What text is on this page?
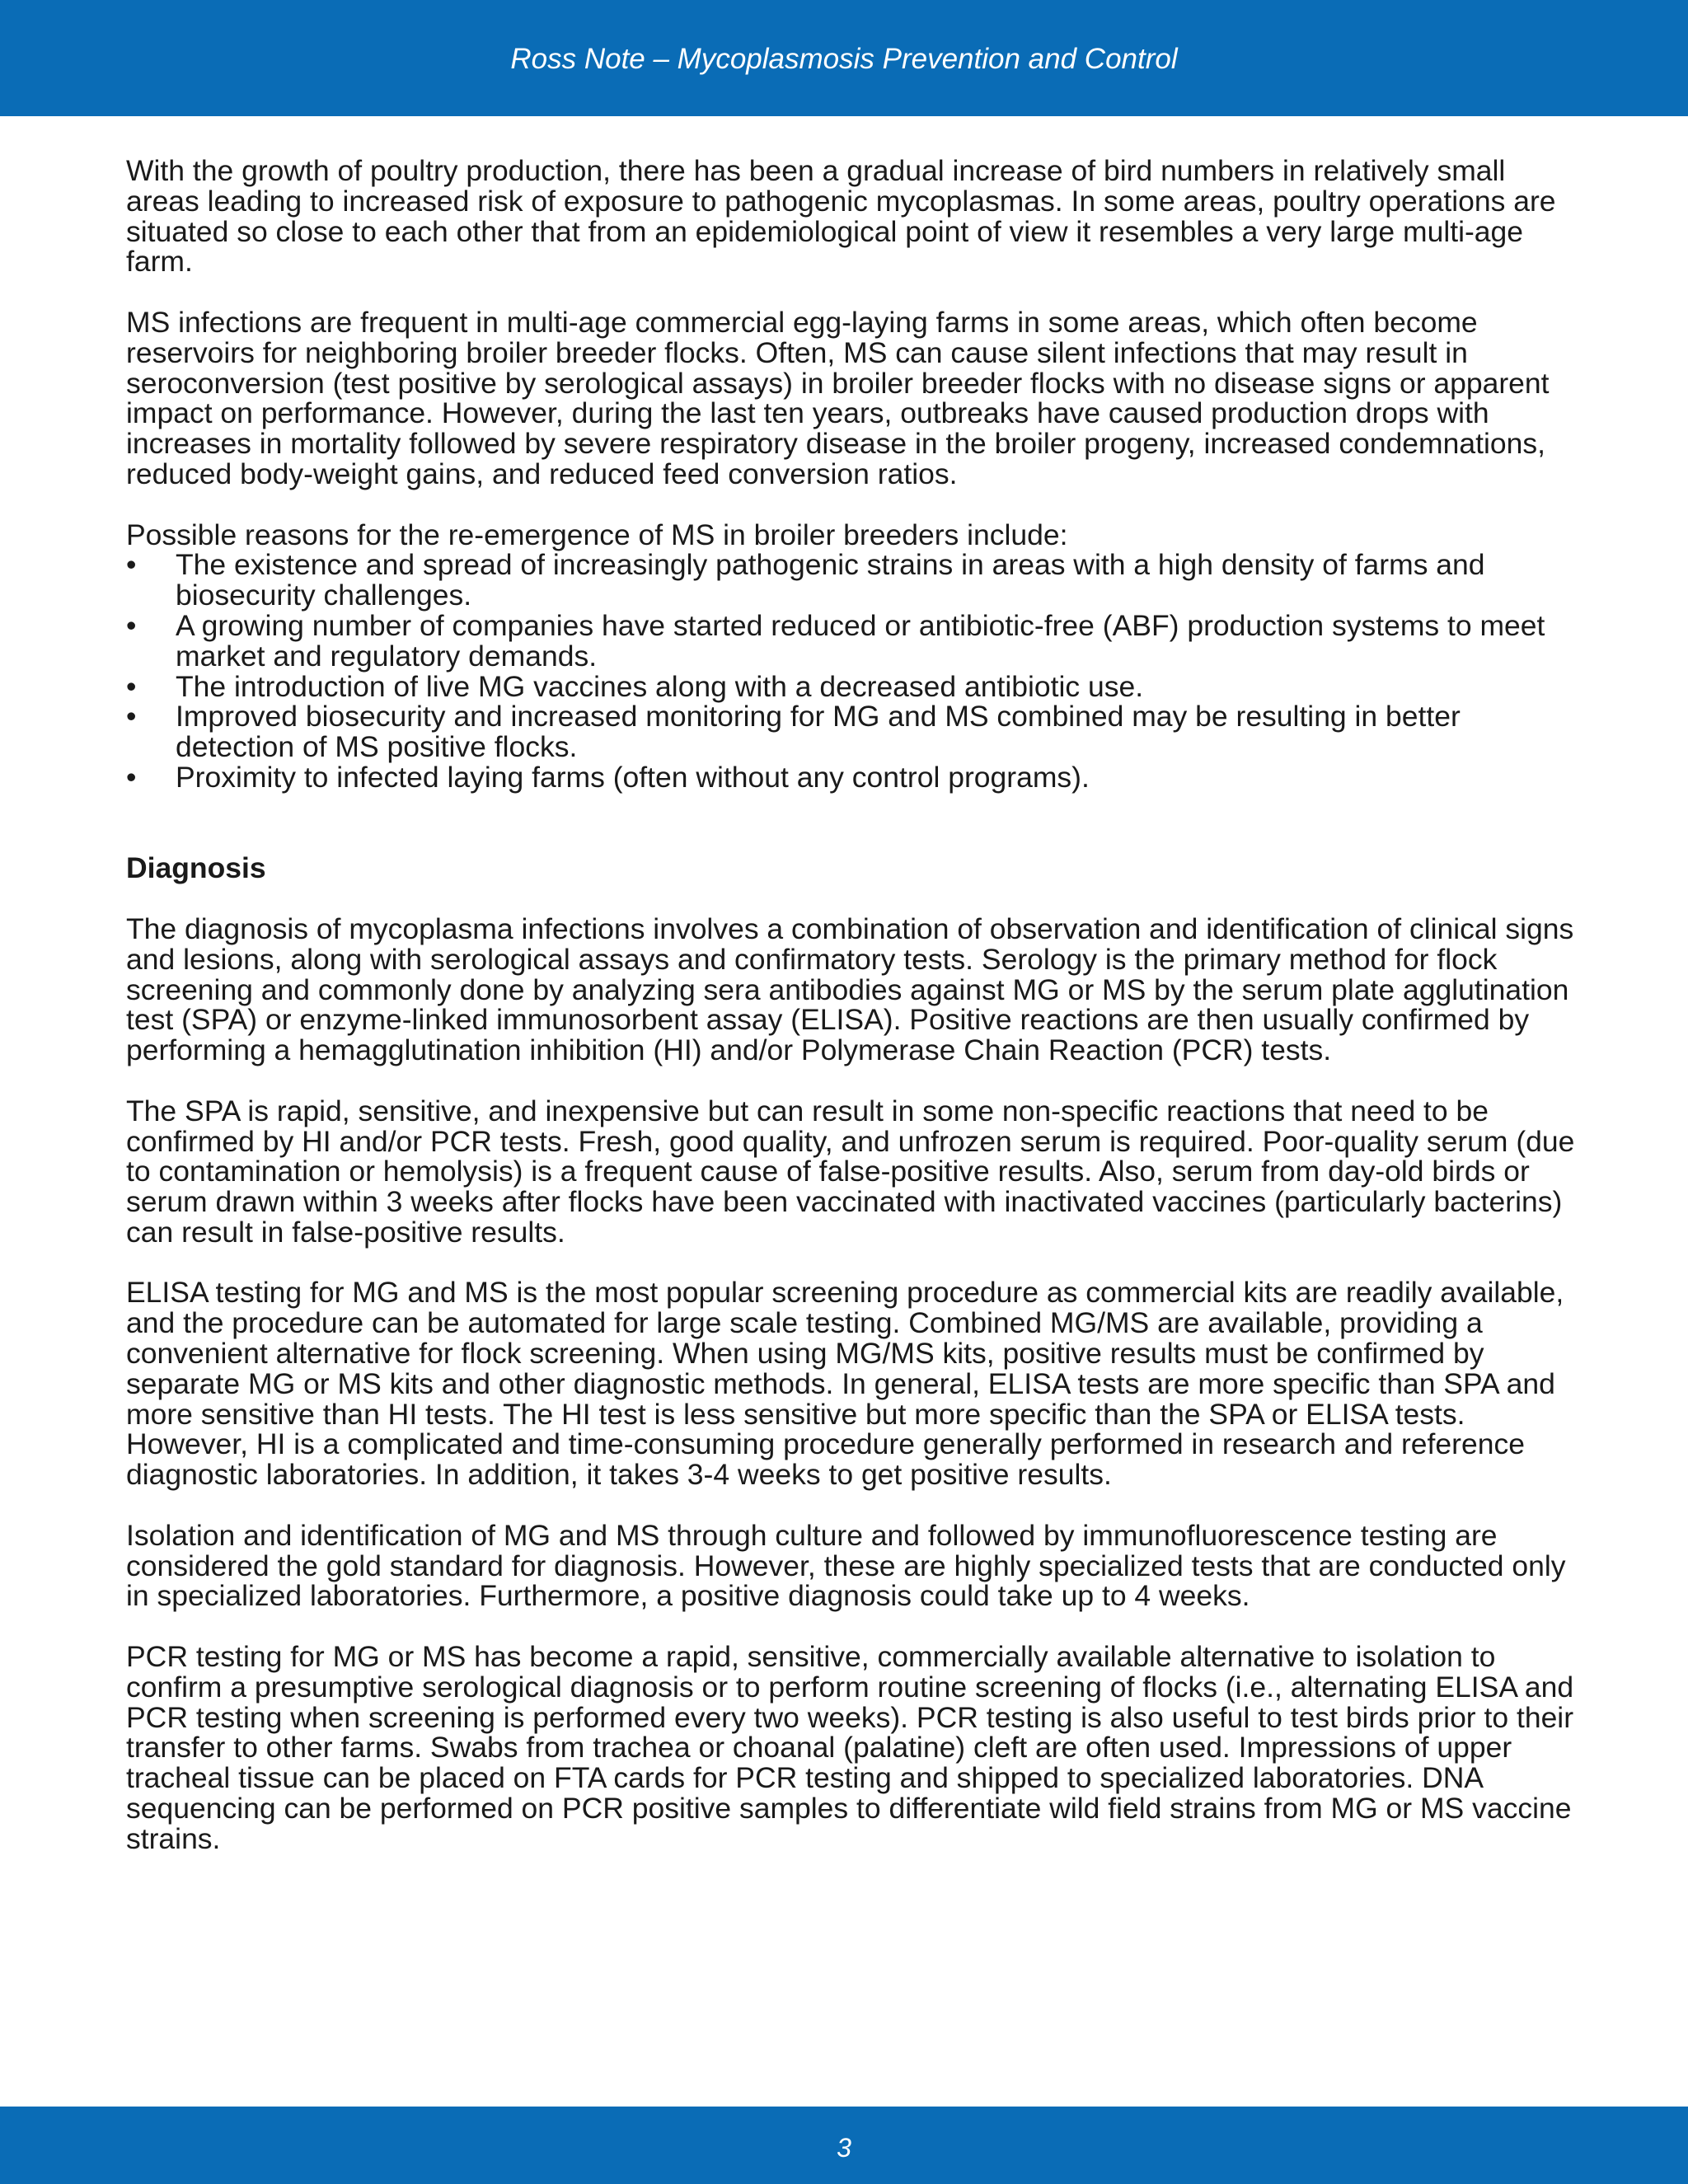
Ross Note – Mycoplasmosis Prevention and Control

With the growth of poultry production, there has been a gradual increase of bird numbers in relatively small areas leading to increased risk of exposure to pathogenic mycoplasmas. In some areas, poultry operations are situated so close to each other that from an epidemiological point of view it resembles a very large multi-age farm.

MS infections are frequent in multi-age commercial egg-laying farms in some areas, which often become reservoirs for neighboring broiler breeder flocks. Often, MS can cause silent infections that may result in seroconversion (test positive by serological assays) in broiler breeder flocks with no disease signs or apparent impact on performance. However, during the last ten years, outbreaks have caused production drops with increases in mortality followed by severe respiratory disease in the broiler progeny, increased condemnations, reduced body-weight gains, and reduced feed conversion ratios.

Possible reasons for the re-emergence of MS in broiler breeders include:

• The existence and spread of increasingly pathogenic strains in areas with a high density of farms and biosecurity challenges.
• A growing number of companies have started reduced or antibiotic-free (ABF) production systems to meet market and regulatory demands.
• The introduction of live MG vaccines along with a decreased antibiotic use.
• Improved biosecurity and increased monitoring for MG and MS combined may be resulting in better detection of MS positive flocks.
• Proximity to infected laying farms (often without any control programs).

Diagnosis

The diagnosis of mycoplasma infections involves a combination of observation and identification of clinical signs and lesions, along with serological assays and confirmatory tests. Serology is the primary method for flock screening and commonly done by analyzing sera antibodies against MG or MS by the serum plate agglutination test (SPA) or enzyme-linked immunosorbent assay (ELISA). Positive reactions are then usually confirmed by performing a hemagglutination inhibition (HI) and/or Polymerase Chain Reaction (PCR) tests.

The SPA is rapid, sensitive, and inexpensive but can result in some non-specific reactions that need to be confirmed by HI and/or PCR tests. Fresh, good quality, and unfrozen serum is required. Poor-quality serum (due to contamination or hemolysis) is a frequent cause of false-positive results. Also, serum from day-old birds or serum drawn within 3 weeks after flocks have been vaccinated with inactivated vaccines (particularly bacterins) can result in false-positive results.

ELISA testing for MG and MS is the most popular screening procedure as commercial kits are readily available, and the procedure can be automated for large scale testing. Combined MG/MS are available, providing a convenient alternative for flock screening. When using MG/MS kits, positive results must be confirmed by separate MG or MS kits and other diagnostic methods. In general, ELISA tests are more specific than SPA and more sensitive than HI tests. The HI test is less sensitive but more specific than the SPA or ELISA tests. However, HI is a complicated and time-consuming procedure generally performed in research and reference diagnostic laboratories. In addition, it takes 3-4 weeks to get positive results.

Isolation and identification of MG and MS through culture and followed by immunofluorescence testing are considered the gold standard for diagnosis. However, these are highly specialized tests that are conducted only in specialized laboratories. Furthermore, a positive diagnosis could take up to 4 weeks.

PCR testing for MG or MS has become a rapid, sensitive, commercially available alternative to isolation to confirm a presumptive serological diagnosis or to perform routine screening of flocks (i.e., alternating ELISA and PCR testing when screening is performed every two weeks). PCR testing is also useful to test birds prior to their transfer to other farms. Swabs from trachea or choanal (palatine) cleft are often used. Impressions of upper tracheal tissue can be placed on FTA cards for PCR testing and shipped to specialized laboratories. DNA sequencing can be performed on PCR positive samples to differentiate wild field strains from MG or MS vaccine strains.

3
